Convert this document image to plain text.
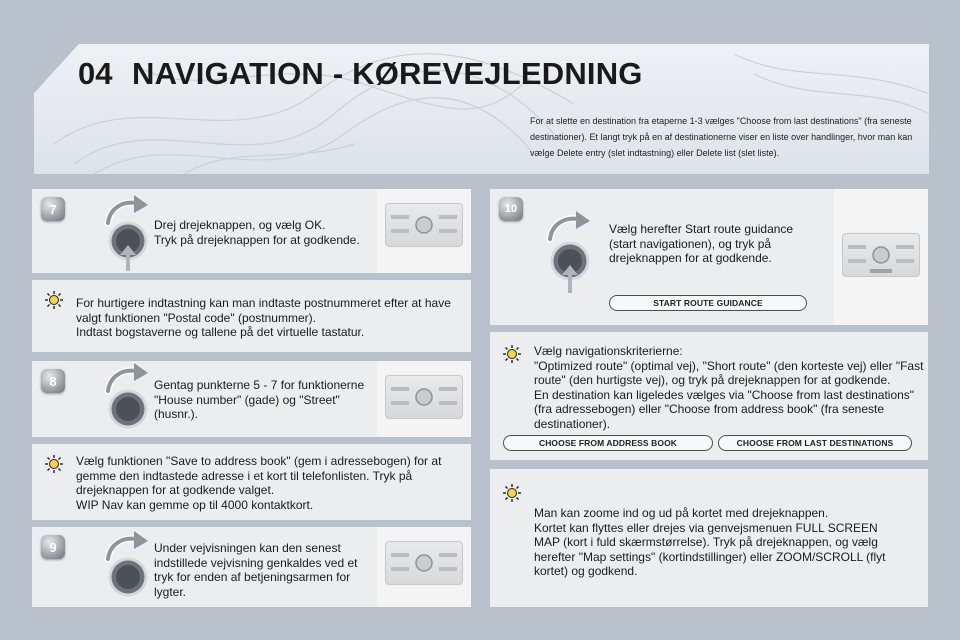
04 NAVIGATION - KØREVEJLEDNING
For at slette en destination fra etaperne 1-3 vælges "Choose from last destinations" (fra seneste destinationer). Et langt tryk på en af destinationerne viser en liste over handlinger, hvor man kan vælge Delete entry (slet indtastning) eller Delete list (slet liste).
7
Drej drejeknappen, og vælg OK.
Tryk på drejeknappen for at godkende.
For hurtigere indtastning kan man indtaste postnummeret efter at have valgt funktionen "Postal code" (postnummer).
Indtast bogstaverne og tallene på det virtuelle tastatur.
8	Gentag punkterne 5 - 7 for funktionerne "House number" (gade) og "Street" (husnr.).
Vælg funktionen "Save to address book" (gem i adressebogen) for at gemme den indtastede adresse i et kort til telefonlisten. Tryk på drejeknappen for at godkende valget.
WIP Nav kan gemme op til 4000 kontaktkort.
9	Under vejvisningen kan den senest indstillede vejvisning genkaldes ved et tryk for enden af betjeningsarmen for lygter.
10
Vælg herefter Start route guidance (start navigationen), og tryk på drejeknappen for at godkende.
START ROUTE GUIDANCE
Vælg navigationskriterierne:
"Optimized route" (optimal vej), "Short route" (den korteste vej) eller "Fast route" (den hurtigste vej), og tryk på drejeknappen for at godkende.
En destination kan ligeledes vælges via "Choose from last destinations" (fra adressebogen) eller "Choose from address book" (fra seneste destinationer).
CHOOSE FROM ADDRESS BOOK	CHOOSE FROM LAST DESTINATIONS
Man kan zoome ind og ud på kortet med drejeknappen.
Kortet kan flyttes eller drejes via genvejsmenuen FULL SCREEN MAP (kort i fuld skærmstørrelse). Tryk på drejeknappen, og vælg herefter "Map settings" (kortindstillinger) eller ZOOM/SCROLL (flyt kortet) og godkend.
